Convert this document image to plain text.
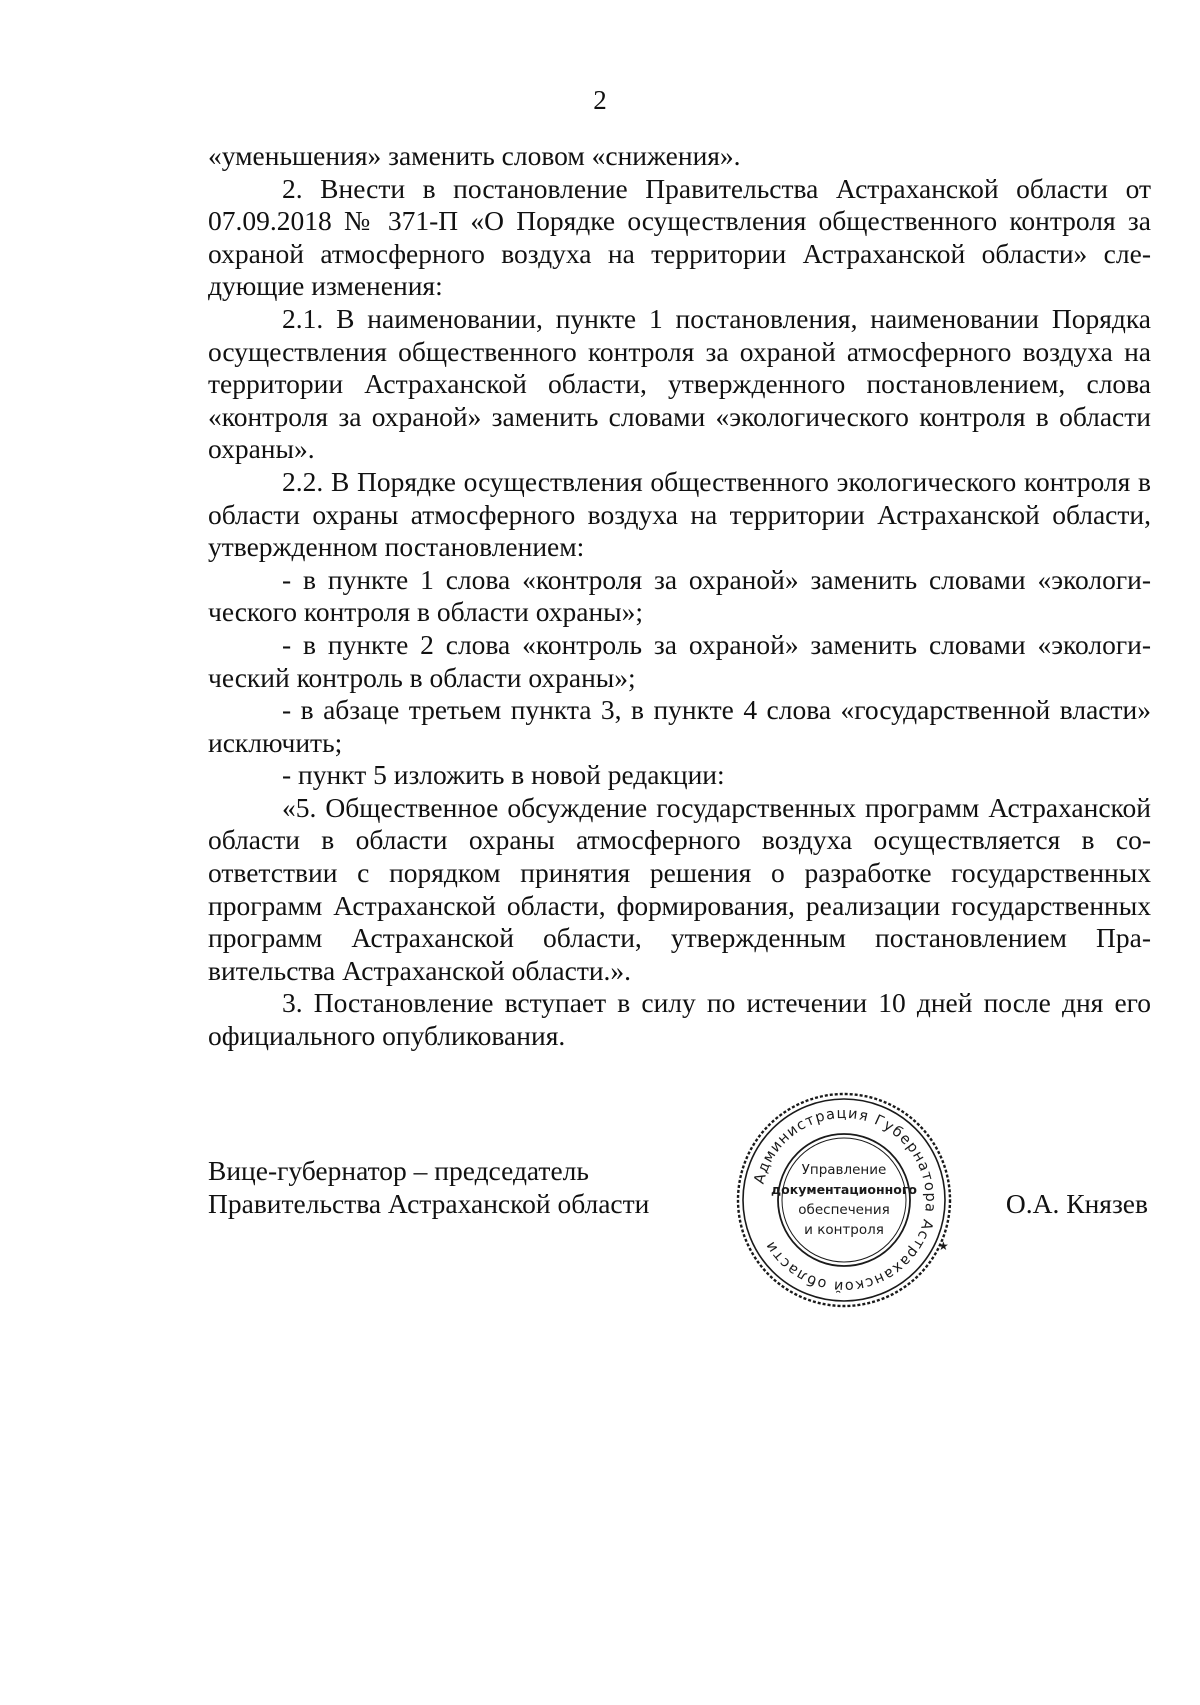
2

«уменьшения» заменить словом «снижения».

2. Внести в постановление Правительства Астраханской области от 07.09.2018 № 371-П «О Порядке осуществления общественного контроля за охраной атмосферного воздуха на территории Астраханской области» следующие изменения:

2.1. В наименовании, пункте 1 постановления, наименовании Порядка осуществления общественного контроля за охраной атмосферного воздуха на территории Астраханской области, утвержденного постановлением, слова «контроля за охраной» заменить словами «экологического контроля в области охраны».

2.2. В Порядке осуществления общественного экологического контроля в области охраны атмосферного воздуха на территории Астраханской области, утвержденном постановлением:

- в пункте 1 слова «контроля за охраной» заменить словами «экологического контроля в области охраны»;

- в пункте 2 слова «контроль за охраной» заменить словами «экологический контроль в области охраны»;

- в абзаце третьем пункта 3, в пункте 4 слова «государственной власти» исключить;

- пункт 5 изложить в новой редакции:

«5. Общественное обсуждение государственных программ Астраханской области в области охраны атмосферного воздуха осуществляется в соответствии с порядком принятия решения о разработке государственных программ Астраханской области, формирования, реализации государственных программ Астраханской области, утвержденным постановлением Правительства Астраханской области.».

3. Постановление вступает в силу по истечении 10 дней после дня его официального опубликования.

Вице-губернатор – председатель
Правительства Астраханской области
Администрация Губернатора Астраханской области	★
Управление
документационного
обеспечения
и контроля
О.А. Князев
